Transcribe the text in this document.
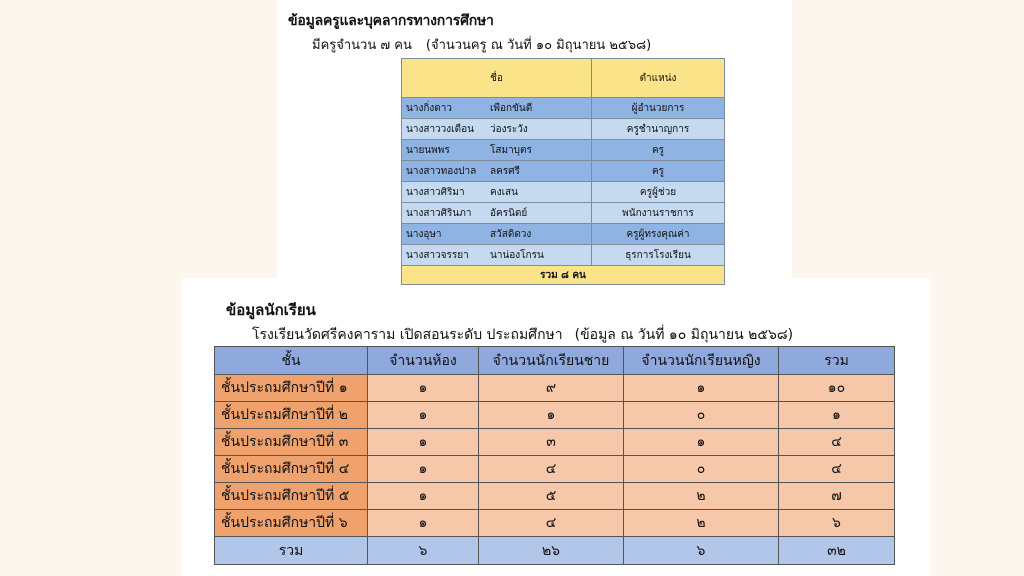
ข้อมูลครูและบุคลากรทางการศึกษา
มีครูจำนวน ๗ คน (จำนวนครู ณ วันที่ ๑๐ มิถุนายน ๒๕๖๘)
ชื่อ	ตำแหน่ง
นางกิ่งดาว เพือกขันตี	ผู้อำนวยการ
นางสาววงเดือน ว่องระวัง	ครูชำนาญการ
นายนพพร โสมาบุตร	ครู
นางสาวทองปาล ลครศรี	ครู
นางสาวศิริมา คงเสน	ครูผู้ช่วย
นางสาวศิรินภา อัครนิตย์	พนักงานราชการ
นางอุษา สวัสดิดวง	ครูผู้ทรงคุณค่า
นางสาวจรรยา นาน่องโกรน	ธุรการโรงเรียน
รวม ๘ คน	
ข้อมูลนักเรียน
โรงเรียนวัดศรีคงคาราม เปิดสอนระดับ ประถมศึกษา (ข้อมูล ณ วันที่ ๑๐ มิถุนายน ๒๕๖๘)
ชั้น	จำนวนห้อง	จำนวนนักเรียนชาย	จำนวนนักเรียนหญิง	รวม
ชั้นประถมศึกษาปีที่ ๑	๑	๙	๑	๑๐
ชั้นประถมศึกษาปีที่ ๒	๑	๑	๐	๑
ชั้นประถมศึกษาปีที่ ๓	๑	๓	๑	๔
ชั้นประถมศึกษาปีที่ ๔	๑	๔	๐	๔
ชั้นประถมศึกษาปีที่ ๕	๑	๕	๒	๗
ชั้นประถมศึกษาปีที่ ๖	๑	๔	๒	๖
รวม	๖	๒๖	๖	๓๒
